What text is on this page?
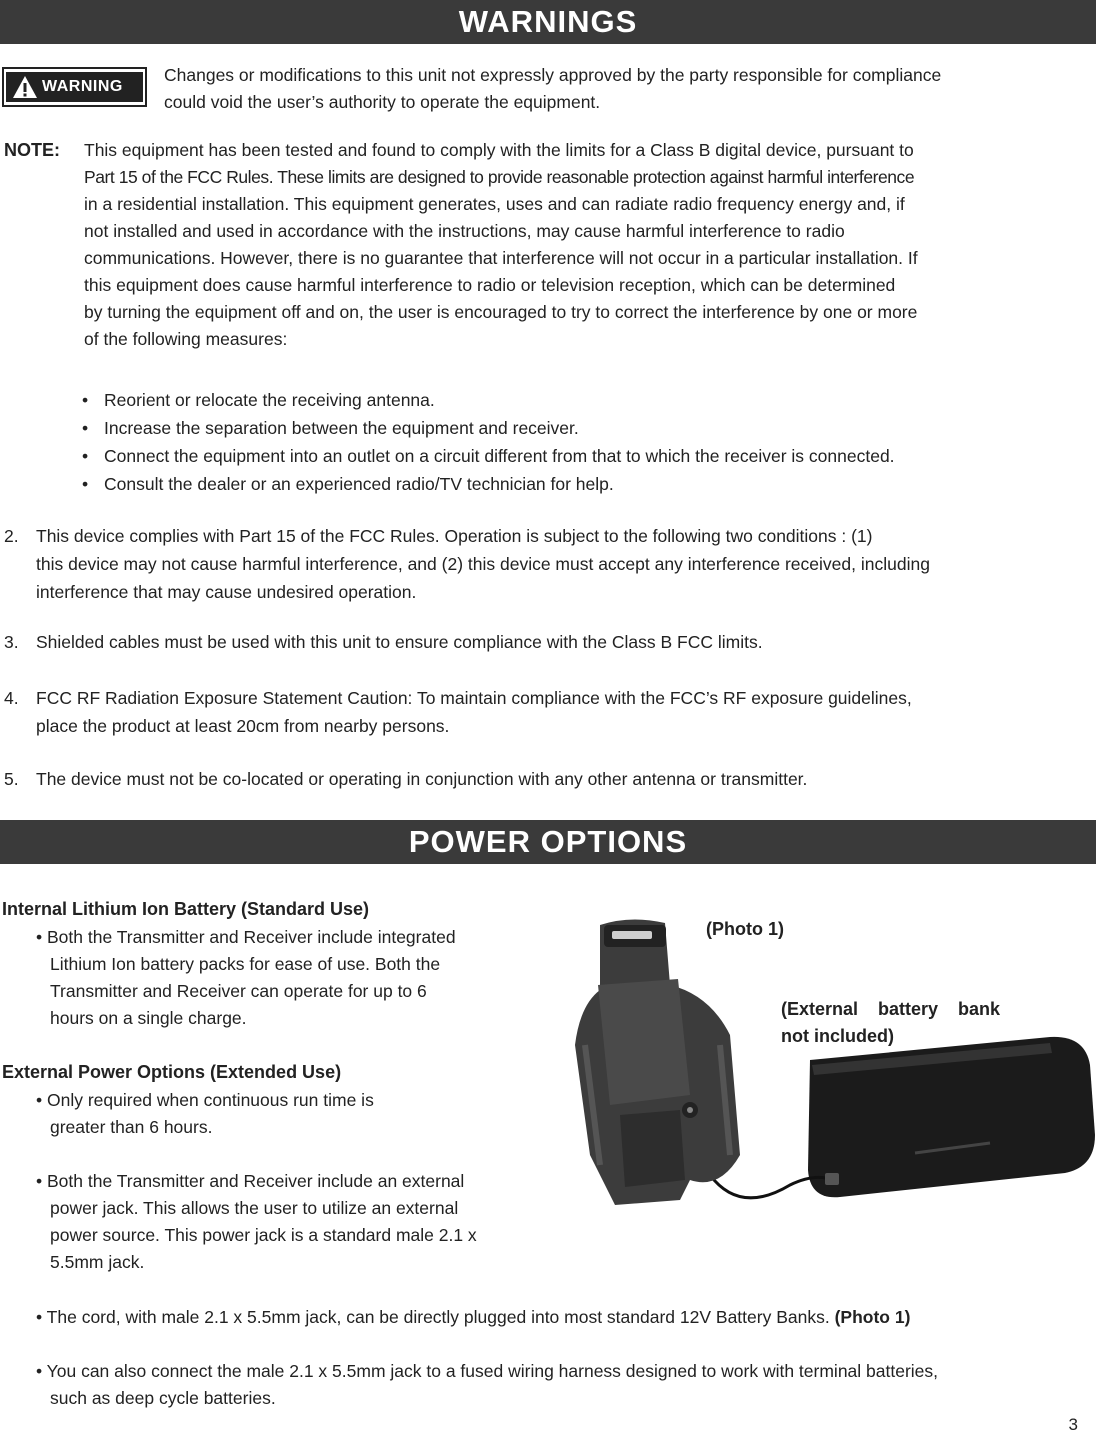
WARNINGS
WARNING

Changes or modifications to this unit not expressly approved by the party responsible for compliance

could void the user’s authority to operate the equipment.

NOTE: This equipment has been tested and found to comply with the limits for a Class B digital device, pursuant to

Part 15 of the FCC Rules. These limits are designed to provide reasonable protection against harmful interference

in a residential installation. This equipment generates, uses and can radiate radio frequency energy and, if

not installed and used in accordance with the instructions, may cause harmful interference to radio

communications. However, there is no guarantee that interference will not occur in a particular installation. If

this equipment does cause harmful interference to radio or television reception, which can be determined

by turning the equipment off and on, the user is encouraged to try to correct the interference by one or more

of the following measures:

• Reorient or relocate the receiving antenna.
• Increase the separation between the equipment and receiver.
• Connect the equipment into an outlet on a circuit different from that to which the receiver is connected.
• Consult the dealer or an experienced radio/TV technician for help.
2. This device complies with Part 15 of the FCC Rules. Operation is subject to the following two conditions : (1)
this device may not cause harmful interference, and (2) this device must accept any interference received, including
interference that may cause undesired operation.
3. Shielded cables must be used with this unit to ensure compliance with the Class B FCC limits.
4. FCC RF Radiation Exposure Statement Caution: To maintain compliance with the FCC’s RF exposure guidelines,
place the product at least 20cm from nearby persons.
5. The device must not be co-located or operating in conjunction with any other antenna or transmitter.
POWER OPTIONS
Internal Lithium Ion Battery (Standard Use)
• Both the Transmitter and Receiver include integrated
Lithium Ion battery packs for ease of use. Both the
Transmitter and Receiver can operate for up to 6
hours on a single charge.
External Power Options (Extended Use)
• Only required when continuous run time is
greater than 6 hours.
• Both the Transmitter and Receiver include an external
power jack. This allows the user to utilize an external
power source. This power jack is a standard male 2.1 x
5.5mm jack.
• The cord, with male 2.1 x 5.5mm jack, can be directly plugged into most standard 12V Battery Banks. (Photo 1)
• You can also connect the male 2.1 x 5.5mm jack to a fused wiring harness designed to work with terminal batteries,
such as deep cycle batteries.
(Photo 1)
(External    battery    bank
not included)
3
